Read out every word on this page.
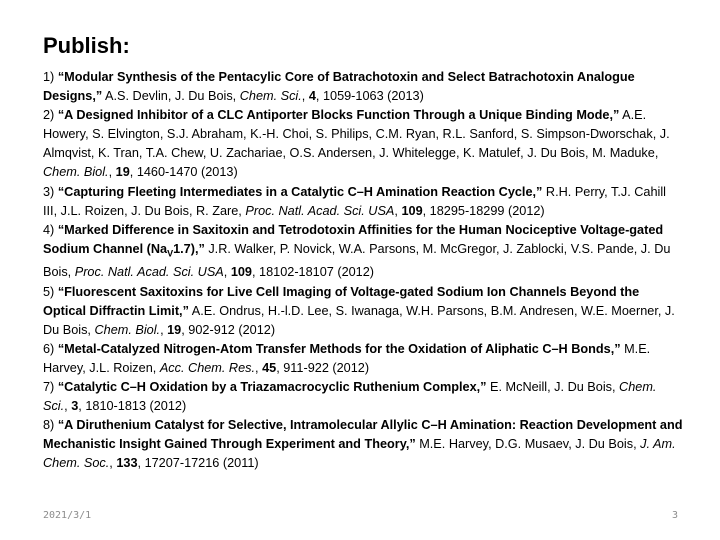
Publish:

1) “Modular Synthesis of the Pentacylic Core of Batrachotoxin and Select Batrachotoxin Analogue Designs,” A.S. Devlin, J. Du Bois, Chem. Sci., 4, 1059-1063 (2013)

2) “A Designed Inhibitor of a CLC Antiporter Blocks Function Through a Unique Binding Mode,” A.E. Howery, S. Elvington, S.J. Abraham, K.-H. Choi, S. Philips, C.M. Ryan, R.L. Sanford, S. Simpson-Dworschak, J. Almqvist, K. Tran, T.A. Chew, U. Zachariae, O.S. Andersen, J. Whitelegge, K. Matulef, J. Du Bois, M. Maduke, Chem. Biol., 19, 1460-1470 (2013)

3) “Capturing Fleeting Intermediates in a Catalytic C–H Amination Reaction Cycle,” R.H. Perry, T.J. Cahill III, J.L. Roizen, J. Du Bois, R. Zare, Proc. Natl. Acad. Sci. USA, 109, 18295-18299 (2012)

4) “Marked Difference in Saxitoxin and Tetrodotoxin Affinities for the Human Nociceptive Voltage-gated Sodium Channel $(Na_V1.7)$,” J.R. Walker, P. Novick, W.A. Parsons, M. McGregor, J. Zablocki, V.S. Pande, J. Du Bois, Proc. Natl. Acad. Sci. USA, 109, 18102-18107 (2012)

5) “Fluorescent Saxitoxins for Live Cell Imaging of Voltage-gated Sodium Ion Channels Beyond the Optical Diffractin Limit,” A.E. Ondrus, H.-l.D. Lee, S. Iwanaga, W.H. Parsons, B.M. Andresen, W.E. Moerner, J. Du Bois, Chem. Biol., 19, 902-912 (2012)

6) “Metal-Catalyzed Nitrogen-Atom Transfer Methods for the Oxidation of Aliphatic C–H Bonds,” M.E. Harvey, J.L. Roizen, Acc. Chem. Res., 45, 911-922 (2012)

7) “Catalytic C–H Oxidation by a Triazamacrocyclic Ruthenium Complex,” E. McNeill, J. Du Bois, Chem. Sci., 3, 1810-1813 (2012)

8) “A Diruthenium Catalyst for Selective, Intramolecular Allylic C–H Amination: Reaction Development and Mechanistic Insight Gained Through Experiment and Theory,” M.E. Harvey, D.G. Musaev, J. Du Bois, J. Am. Chem. Soc., 133, 17207-17216 (2011)

2021/3/1	3
